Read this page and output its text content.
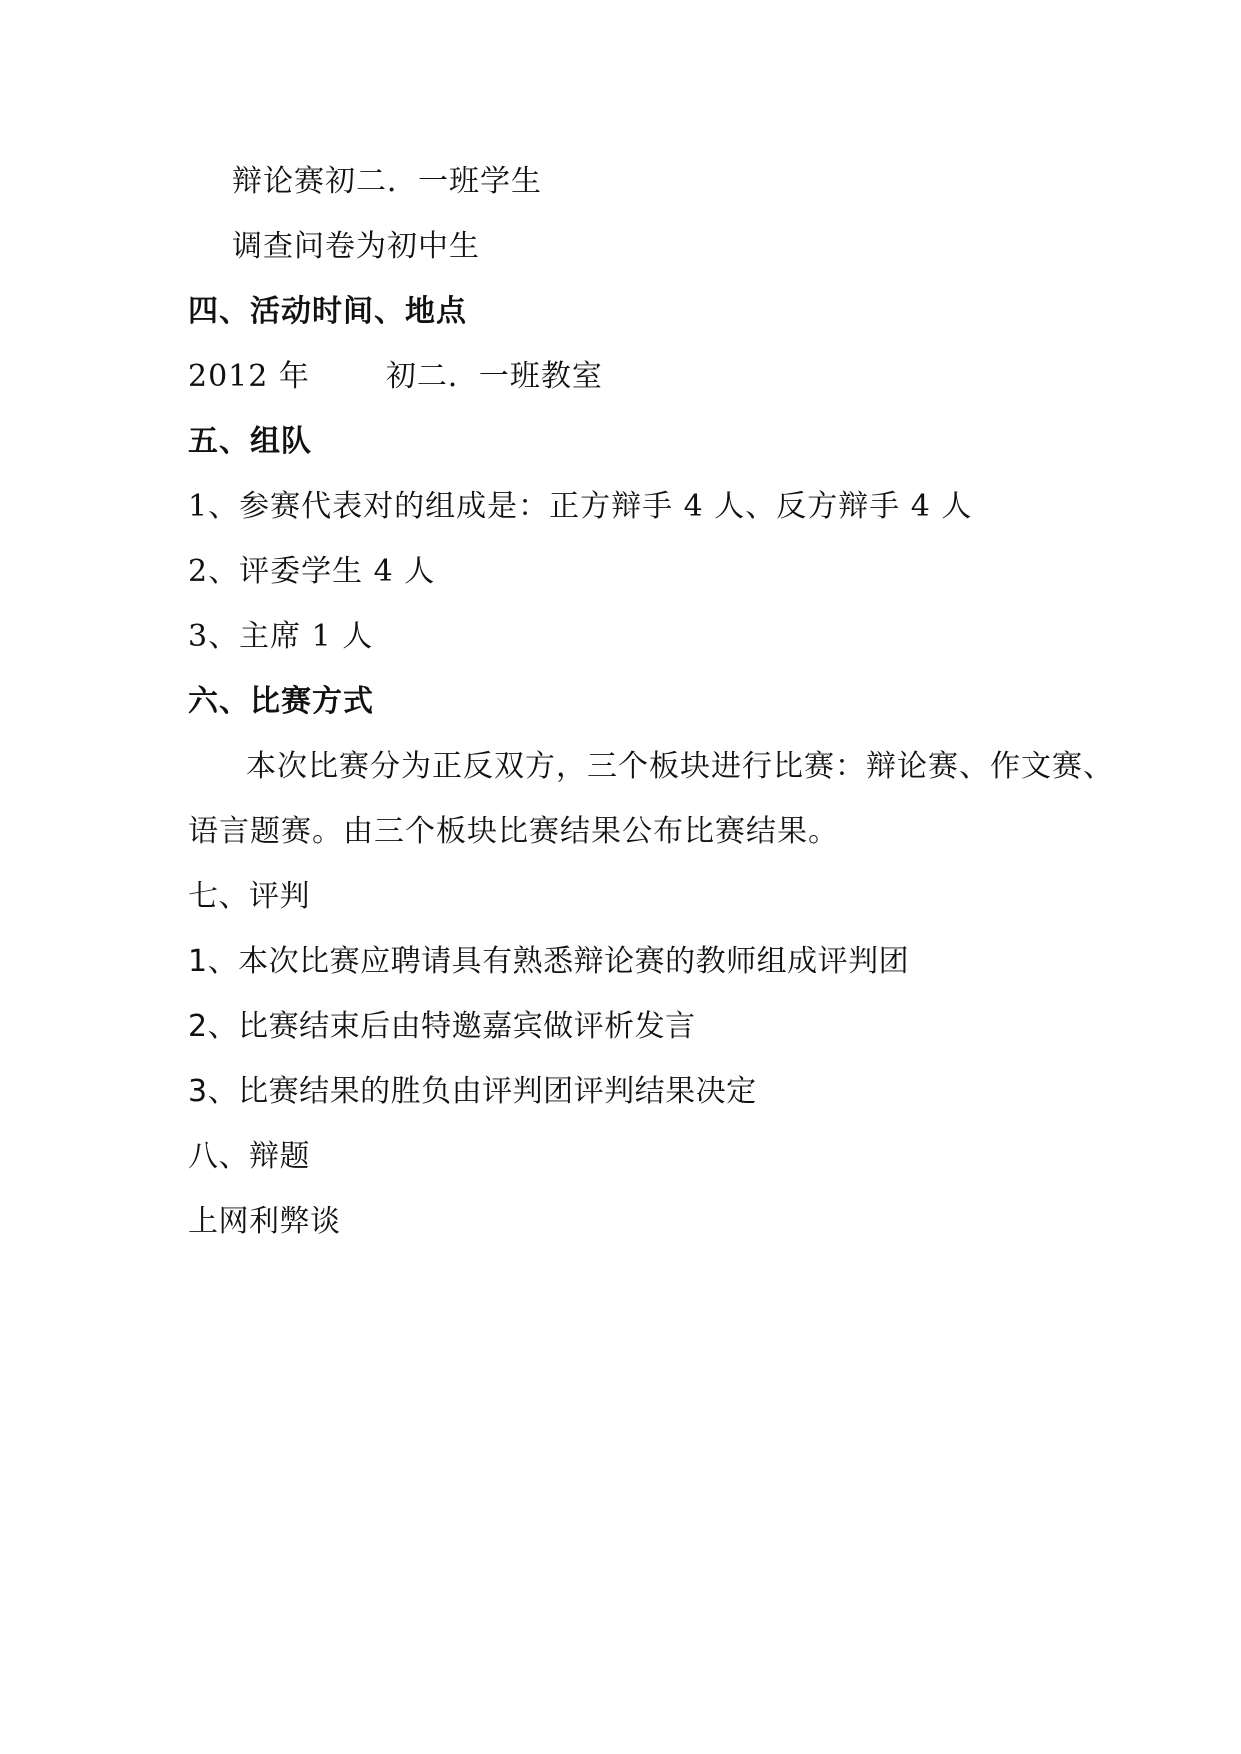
辩论赛初二．一班学生
调查问卷为初中生
四、活动时间、地点
2012 年	初二．一班教室
五、组队
1、参赛代表对的组成是：正方辩手 4 人、反方辩手 4 人
2、评委学生 4 人
3、主席 1 人
六、比赛方式
本次比赛分为正反双方，三个板块进行比赛：辩论赛、作文赛、
语言题赛。由三个板块比赛结果公布比赛结果。
七、评判
1、本次比赛应聘请具有熟悉辩论赛的教师组成评判团
2、比赛结束后由特邀嘉宾做评析发言
3、比赛结果的胜负由评判团评判结果决定
八、辩题
上网利弊谈
